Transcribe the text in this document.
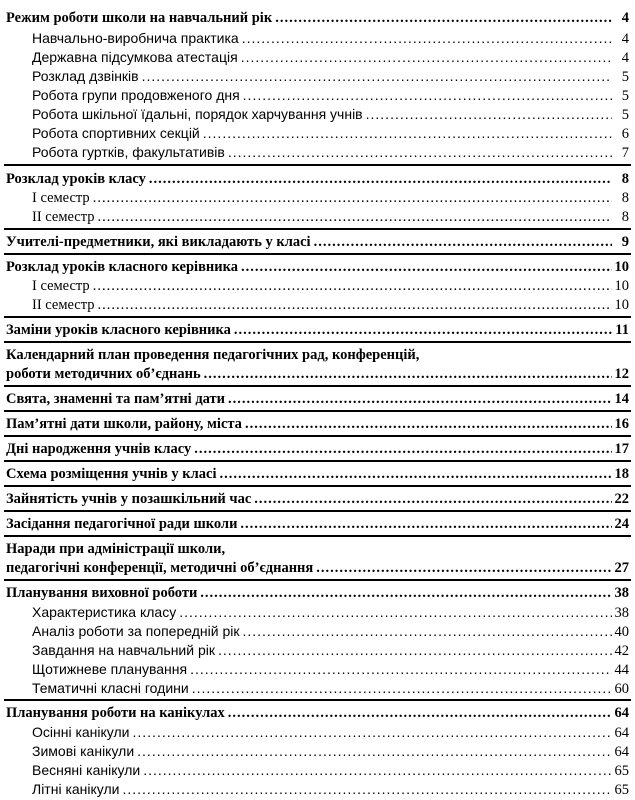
Режим роботи школи на навчальний рік .....	4
Навчально-виробнича практика .....	4
Державна підсумкова атестація .....	4
Розклад дзвінків .....	5
Робота групи продовженого дня .....	5
Робота шкільної їдальні, порядок харчування учнів .....	5
Робота спортивних секцій .....	6
Робота гуртків, факультативів .....	7
Розклад уроків класу .....	8
I семестр .....	8
II семестр .....	8
Учителі-предметники, які викладають у класі .....	9
Розклад уроків класного керівника .....	10
I семестр .....	10
II семестр .....	10
Заміни уроків класного керівника .....	11
Календарний план проведення педагогічних рад, конференцій,
роботи методичних об’єднань .....	12
Свята, знаменні та пам’ятні дати .....	14
Пам’ятні дати школи, району, міста .....	16
Дні народження учнів класу .....	17
Схема розміщення учнів у класі .....	18
Зайнятість учнів у позашкільний час .....	22
Засідання педагогічної ради школи .....	24
Наради при адміністрації школи,
педагогічні конференції, методичні об’єднання .....	27
Планування виховної роботи .....	38
Характеристика класу .....	38
Аналіз роботи за попередній рік .....	40
Завдання на навчальний рік .....	42
Щотижневе планування .....	44
Тематичні класні години .....	60
Планування роботи на канікулах .....	64
Осінні канікули .....	64
Зимові канікули .....	64
Весняні канікули .....	65
Літні канікули .....	65
